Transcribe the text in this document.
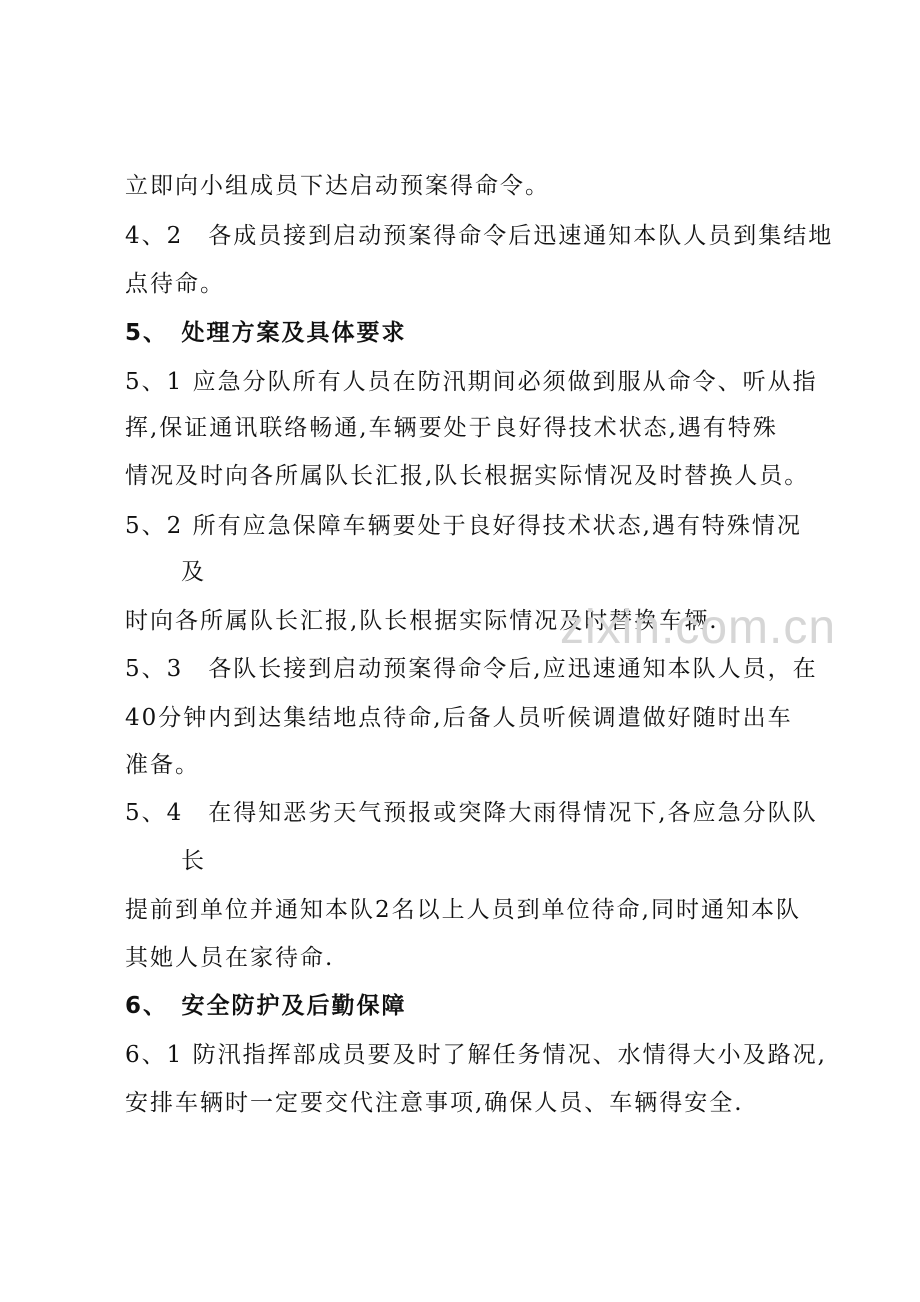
立即向小组成员下达启动预案得命令。
4、2　各成员接到启动预案得命令后迅速通知本队人员到集结地
点待命。
5、　处理方案及具体要求
5、1 应急分队所有人员在防汛期间必须做到服从命令、听从指
挥,保证通讯联络畅通,车辆要处于良好得技术状态,遇有特殊
情况及时向各所属队长汇报,队长根据实际情况及时替换人员。
5、2 所有应急保障车辆要处于良好得技术状态,遇有特殊情况
及
时向各所属队长汇报,队长根据实际情况及时替换车辆.
5、3　各队长接到启动预案得命令后,应迅速通知本队人员，在
40分钟内到达集结地点待命,后备人员听候调遣做好随时出车
准备。
5、4　在得知恶劣天气预报或突降大雨得情况下,各应急分队队
长
提前到单位并通知本队2名以上人员到单位待命,同时通知本队
其她人员在家待命.
6、　安全防护及后勤保障
6、1 防汛指挥部成员要及时了解任务情况、水情得大小及路况,
安排车辆时一定要交代注意事项,确保人员、车辆得安全.
zixin.com.cn
